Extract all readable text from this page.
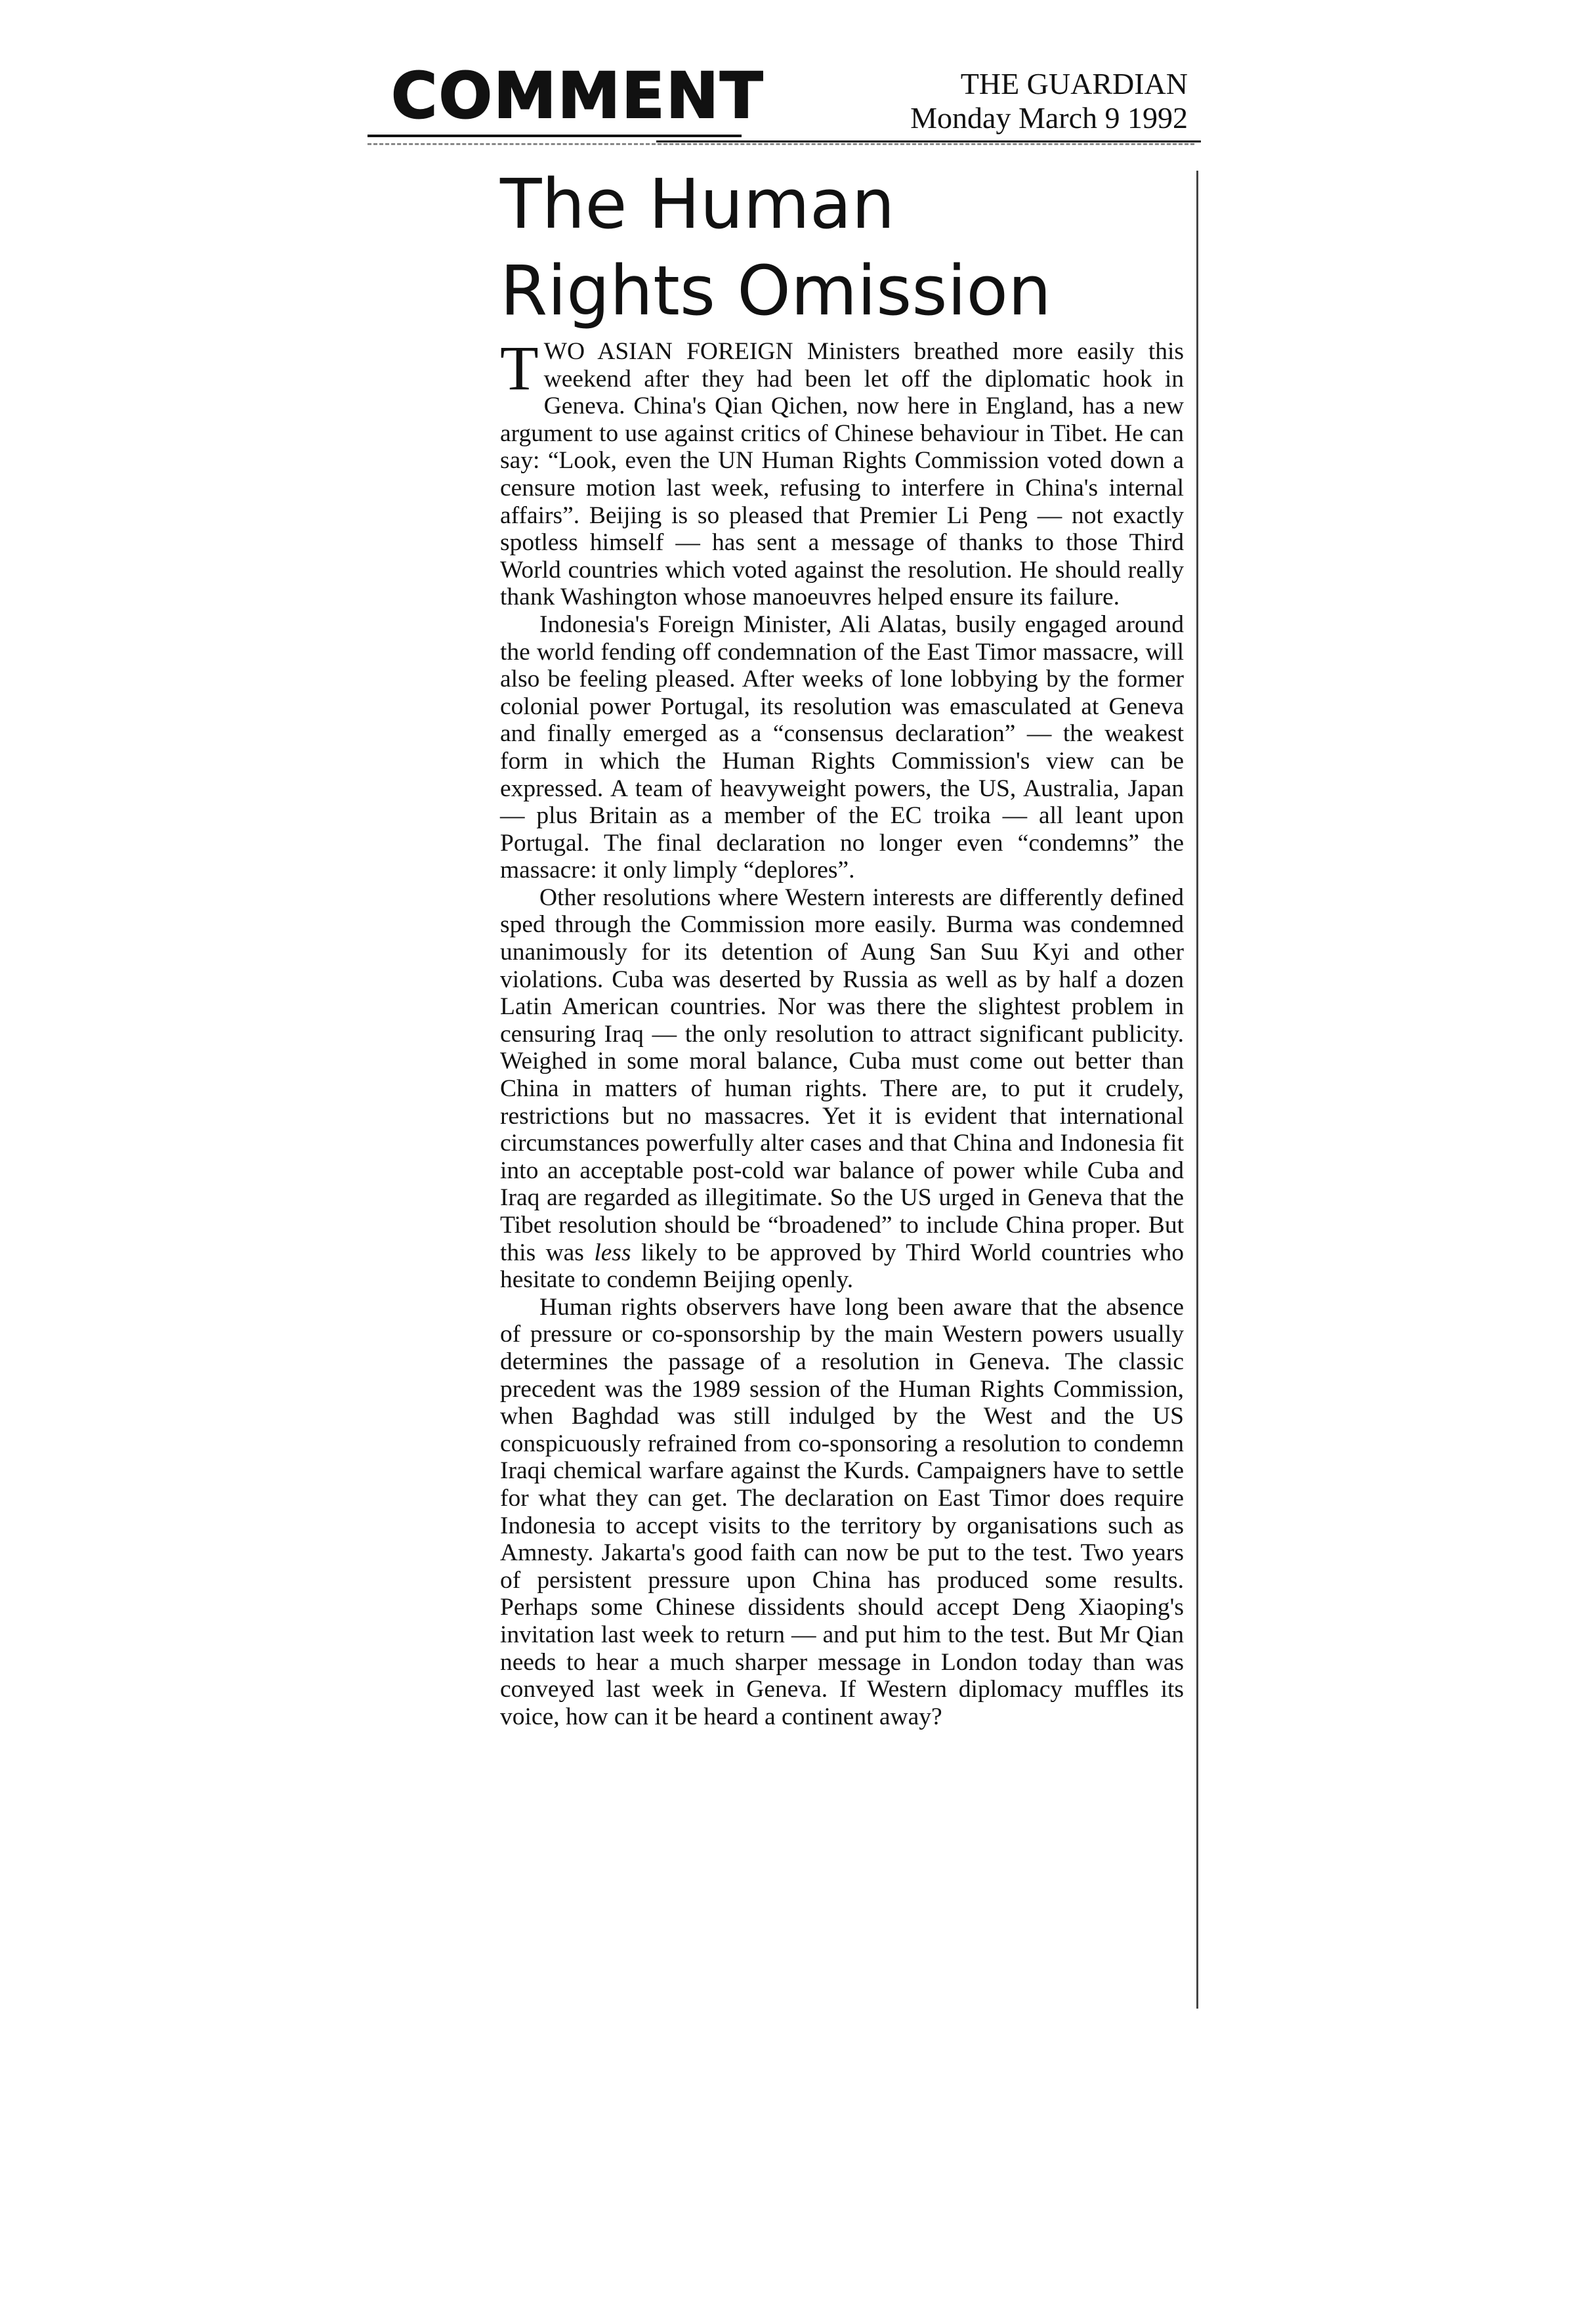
COMMENT	THE GUARDIAN
Monday March 9 1992
The Human
Rights Omission

TWO ASIAN FOREIGN Ministers breathed more easily this weekend after they had been let off the diplomatic hook in Geneva. China's Qian Qichen, now here in England, has a new argument to use against critics of Chinese behaviour in Tibet. He can say: “Look, even the UN Human Rights Commission voted down a censure motion last week, refusing to interfere in China's internal affairs”. Beijing is so pleased that Premier Li Peng — not exactly spotless himself — has sent a message of thanks to those Third World countries which voted against the resolution. He should really thank Washington whose manoeuvres helped ensure its failure.

Indonesia's Foreign Minister, Ali Alatas, busily engaged around the world fending off condemnation of the East Timor massacre, will also be feeling pleased. After weeks of lone lobbying by the former colonial power Portugal, its resolution was emasculated at Geneva and finally emerged as a “consensus declaration” — the weakest form in which the Human Rights Commission's view can be expressed. A team of heavyweight powers, the US, Australia, Japan — plus Britain as a member of the EC troika — all leant upon Portugal. The final declaration no longer even “condemns” the massacre: it only limply “deplores”.

Other resolutions where Western interests are differently defined sped through the Commission more easily. Burma was condemned unanimously for its detention of Aung San Suu Kyi and other violations. Cuba was deserted by Russia as well as by half a dozen Latin American countries. Nor was there the slightest problem in censuring Iraq — the only resolution to attract significant publicity. Weighed in some moral balance, Cuba must come out better than China in matters of human rights. There are, to put it crudely, restrictions but no massacres. Yet it is evident that international circumstances powerfully alter cases and that China and Indonesia fit into an acceptable post-cold war balance of power while Cuba and Iraq are regarded as illegitimate. So the US urged in Geneva that the Tibet resolution should be “broadened” to include China proper. But this was less likely to be approved by Third World countries who hesitate to condemn Beijing openly.

Human rights observers have long been aware that the absence of pressure or co-sponsorship by the main Western powers usually determines the passage of a resolution in Geneva. The classic precedent was the 1989 session of the Human Rights Commission, when Baghdad was still indulged by the West and the US conspicuously refrained from co-sponsoring a resolution to condemn Iraqi chemical warfare against the Kurds. Campaigners have to settle for what they can get. The declaration on East Timor does require Indonesia to accept visits to the territory by organisations such as Amnesty. Jakarta's good faith can now be put to the test. Two years of persistent pressure upon China has produced some results. Perhaps some Chinese dissidents should accept Deng Xiaoping's invitation last week to return — and put him to the test. But Mr Qian needs to hear a much sharper message in London today than was conveyed last week in Geneva. If Western diplomacy muffles its voice, how can it be heard a continent away?
